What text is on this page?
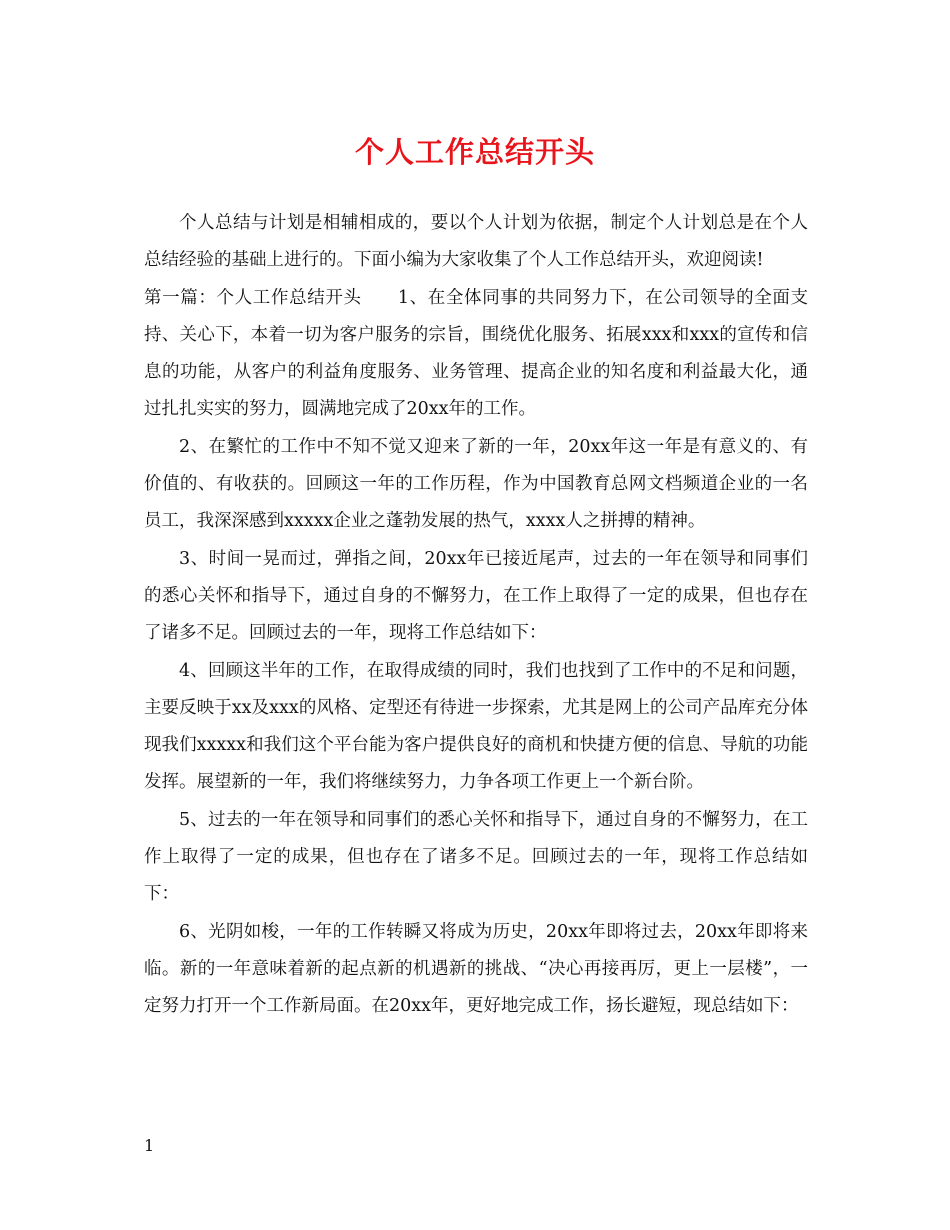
个人工作总结开头

个人总结与计划是相辅相成的，要以个人计划为依据，制定个人计划总是在个人总结经验的基础上进行的。下面小编为大家收集了个人工作总结开头，欢迎阅读!

第一篇：个人工作总结开头　　1、在全体同事的共同努力下，在公司领导的全面支持、关心下，本着一切为客户服务的宗旨，围绕优化服务、拓展xxx和xxx的宣传和信息的功能，从客户的利益角度服务、业务管理、提高企业的知名度和利益最大化，通过扎扎实实的努力，圆满地完成了20xx年的工作。

2、在繁忙的工作中不知不觉又迎来了新的一年，20xx年这一年是有意义的、有价值的、有收获的。回顾这一年的工作历程，作为中国教育总网文档频道企业的一名员工，我深深感到xxxxx企业之蓬勃发展的热气，xxxx人之拼搏的精神。

3、时间一晃而过，弹指之间，20xx年已接近尾声，过去的一年在领导和同事们的悉心关怀和指导下，通过自身的不懈努力，在工作上取得了一定的成果，但也存在了诸多不足。回顾过去的一年，现将工作总结如下：

4、回顾这半年的工作，在取得成绩的同时，我们也找到了工作中的不足和问题，主要反映于xx及xxx的风格、定型还有待进一步探索，尤其是网上的公司产品库充分体现我们xxxxx和我们这个平台能为客户提供良好的商机和快捷方便的信息、导航的功能发挥。展望新的一年，我们将继续努力，力争各项工作更上一个新台阶。

5、过去的一年在领导和同事们的悉心关怀和指导下，通过自身的不懈努力，在工作上取得了一定的成果，但也存在了诸多不足。回顾过去的一年，现将工作总结如下：

6、光阴如梭，一年的工作转瞬又将成为历史，20xx年即将过去，20xx年即将来临。新的一年意味着新的起点新的机遇新的挑战、“决心再接再厉，更上一层楼”，一定努力打开一个工作新局面。在20xx年，更好地完成工作，扬长避短，现总结如下：

1
